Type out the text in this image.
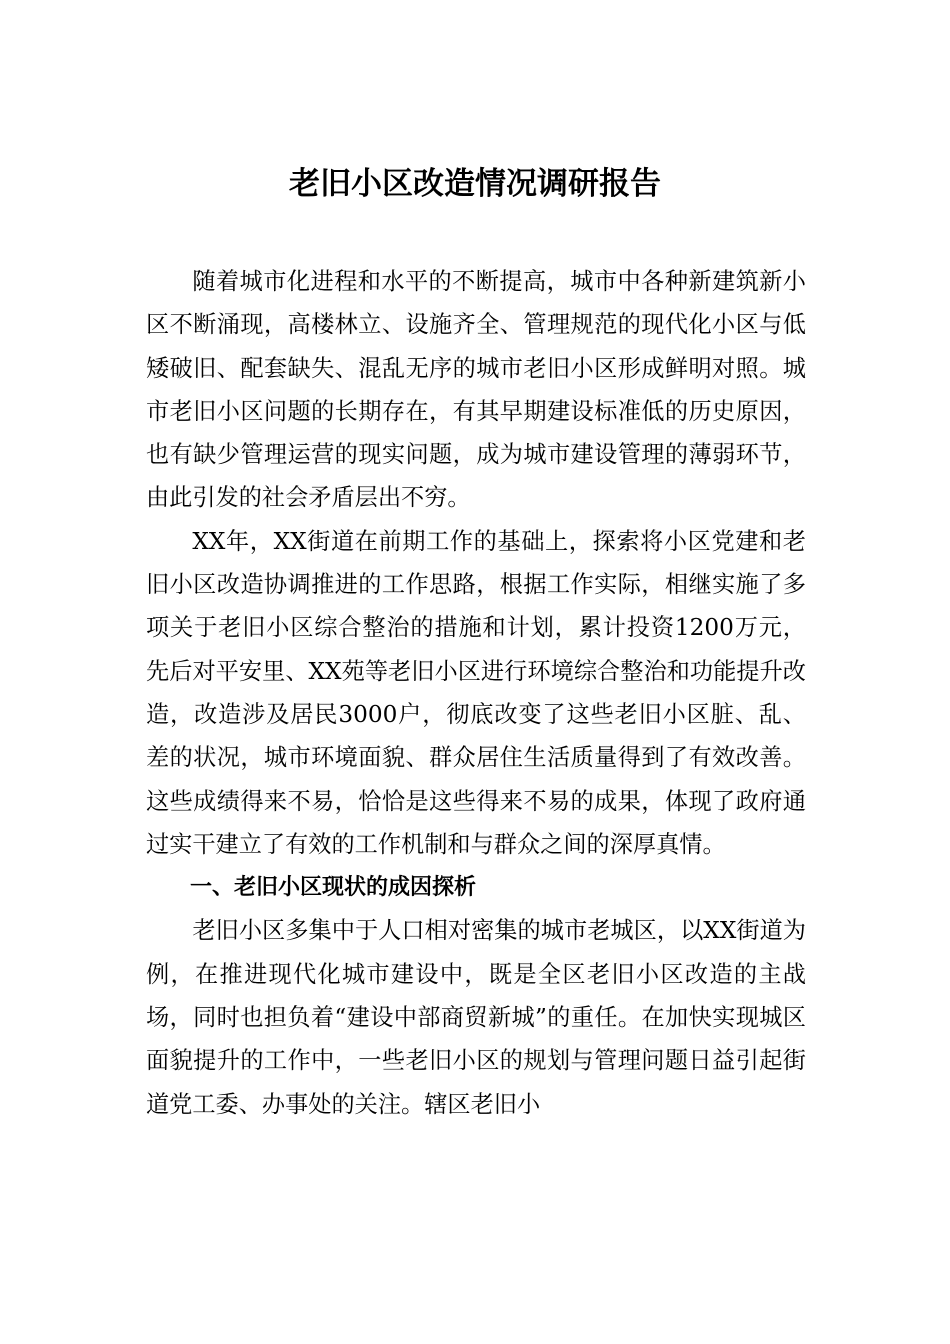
老旧小区改造情况调研报告

随着城市化进程和水平的不断提高，城市中各种新建筑新小区不断涌现，高楼林立、设施齐全、管理规范的现代化小区与低矮破旧、配套缺失、混乱无序的城市老旧小区形成鲜明对照。城市老旧小区问题的长期存在，有其早期建设标准低的历史原因，也有缺少管理运营的现实问题，成为城市建设管理的薄弱环节，由此引发的社会矛盾层出不穷。

XX年，XX街道在前期工作的基础上，探索将小区党建和老旧小区改造协调推进的工作思路，根据工作实际，相继实施了多项关于老旧小区综合整治的措施和计划，累计投资1200万元，先后对平安里、XX苑等老旧小区进行环境综合整治和功能提升改造，改造涉及居民3000户，彻底改变了这些老旧小区脏、乱、差的状况，城市环境面貌、群众居住生活质量得到了有效改善。这些成绩得来不易，恰恰是这些得来不易的成果，体现了政府通过实干建立了有效的工作机制和与群众之间的深厚真情。

一、老旧小区现状的成因探析

老旧小区多集中于人口相对密集的城市老城区，以XX街道为例，在推进现代化城市建设中，既是全区老旧小区改造的主战场，同时也担负着“建设中部商贸新城”的重任。在加快实现城区面貌提升的工作中，一些老旧小区的规划与管理问题日益引起街道党工委、办事处的关注。辖区老旧小
